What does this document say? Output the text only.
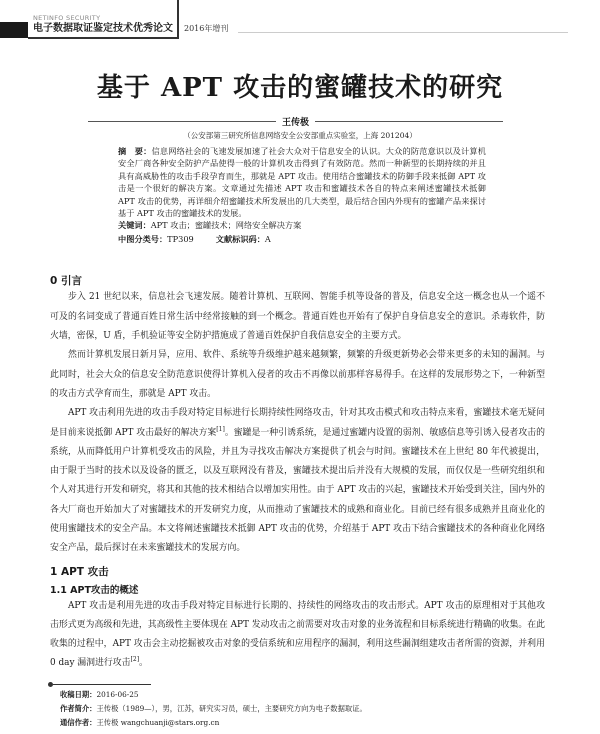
NETINFO SECURITY
电子数据取证鉴定技术优秀论文 2016年增刊
基于 APT 攻击的蜜罐技术的研究
王传极
（公安部第三研究所信息网络安全公安部重点实验室，上海 201204）
摘　要：信息网络社会的飞速发展加速了社会大众对于信息安全的认识。大众的防范意识以及计算机安全厂商各种安全防护产品使得一般的计算机攻击得到了有效防范。然而一种新型的长期持续的并且具有高威胁性的攻击手段孕育而生，那就是 APT 攻击。使用结合蜜罐技术的防御手段来抵御 APT 攻击是一个很好的解决方案。文章通过先描述 APT 攻击和蜜罐技术各自的特点来阐述蜜罐技术抵御 APT 攻击的优势，再详细介绍蜜罐技术所发展出的几大类型，最后结合国内外现有的蜜罐产品来探讨基于 APT 攻击的蜜罐技术的发展。
关键词：APT 攻击；蜜罐技术；网络安全解决方案
中图分类号：TP309	文献标识码：A
0 引言

步入 21 世纪以来，信息社会飞速发展。随着计算机、互联网、智能手机等设备的普及，信息安全这一概念也从一个遥不可及的名词变成了普通百姓日常生活中经常接触的到一个概念。普通百姓也开始有了保护自身信息安全的意识。杀毒软件，防火墙，密保，U 盾，手机验证等安全防护措施成了普通百姓保护自我信息安全的主要方式。

然而计算机发展日新月异，应用、软件、系统等升级维护越来越频繁，频繁的升级更新势必会带来更多的未知的漏洞。与此同时，社会大众的信息安全防范意识使得计算机入侵者的攻击不再像以前那样容易得手。在这样的发展形势之下，一种新型的攻击方式孕育而生，那就是 APT 攻击。

APT 攻击利用先进的攻击手段对特定目标进行长期持续性网络攻击，针对其攻击模式和攻击特点来看，蜜罐技术毫无疑问是目前来说抵御 APT 攻击最好的解决方案[1]。蜜罐是一种引诱系统，是通过蜜罐内设置的弱剂、敏感信息等引诱入侵者攻击的系统，从而降低用户计算机受攻击的风险，并且为寻找攻击解决方案提供了机会与时间。蜜罐技术在上世纪 80 年代被提出，由于限于当时的技术以及设备的匮乏，以及互联网没有普及，蜜罐技术提出后并没有大规模的发展，而仅仅是一些研究组织和个人对其进行开发和研究，将其和其他的技术相结合以增加实用性。由于 APT 攻击的兴起，蜜罐技术开始受到关注，国内外的各大厂商也开始加大了对蜜罐技术的开发研究力度，从而推动了蜜罐技术的成熟和商业化。目前已经有很多成熟并且商业化的使用蜜罐技术的安全产品。本文将阐述蜜罐技术抵御 APT 攻击的优势，介绍基于 APT 攻击下结合蜜罐技术的各种商业化网络安全产品，最后探讨在未来蜜罐技术的发展方向。

1 APT 攻击
1.1 APT攻击的概述

APT 攻击是利用先进的攻击手段对特定目标进行长期的、持续性的网络攻击的攻击形式。APT 攻击的原理相对于其他攻击形式更为高级和先进，其高级性主要体现在 APT 发动攻击之前需要对攻击对象的业务流程和目标系统进行精确的收集。在此收集的过程中，APT 攻击会主动挖掘被攻击对象的受信系统和应用程序的漏洞，利用这些漏洞组建攻击者所需的资源，并利用 0 day 漏洞进行攻击[2]。

收稿日期：2016-06-25
作者简介：王传极（1989—），男，江苏，研究实习员，硕士，主要研究方向为电子数据取证。
通信作者：王传极 wangchuanji@stars.org.cn
